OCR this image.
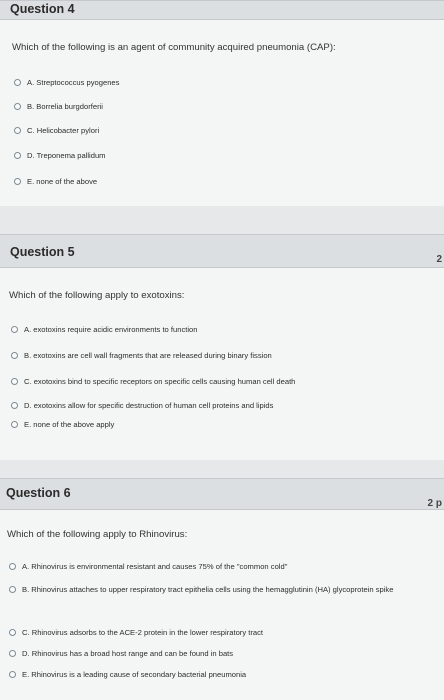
Question 4
Which of the following is an agent of community acquired pneumonia (CAP):
A. Streptococcus pyogenes
B. Borrelia burgdorferii
C. Helicobacter pylori
D. Treponema pallidum
E. none of the above
Question 5
2
Which of the following apply to exotoxins:
A. exotoxins require acidic environments to function
B. exotoxins are cell wall fragments that are released during binary fission
C. exotoxins bind to specific receptors on specific cells causing human cell death
D. exotoxins allow for specific destruction of human cell proteins and lipids
E. none of the above apply
Question 6
2 p
Which of the following apply to Rhinovirus:
A. Rhinovirus is environmental resistant and causes 75% of the "common cold"
B. Rhinovirus attaches to upper respiratory tract epithelia cells using the hemagglutinin (HA) glycoprotein spike
C. Rhinovirus adsorbs to the ACE-2 protein in the lower respiratory tract
D. Rhinovirus has a broad host range and can be found in bats
E. Rhinovirus is a leading cause of secondary bacterial pneumonia
